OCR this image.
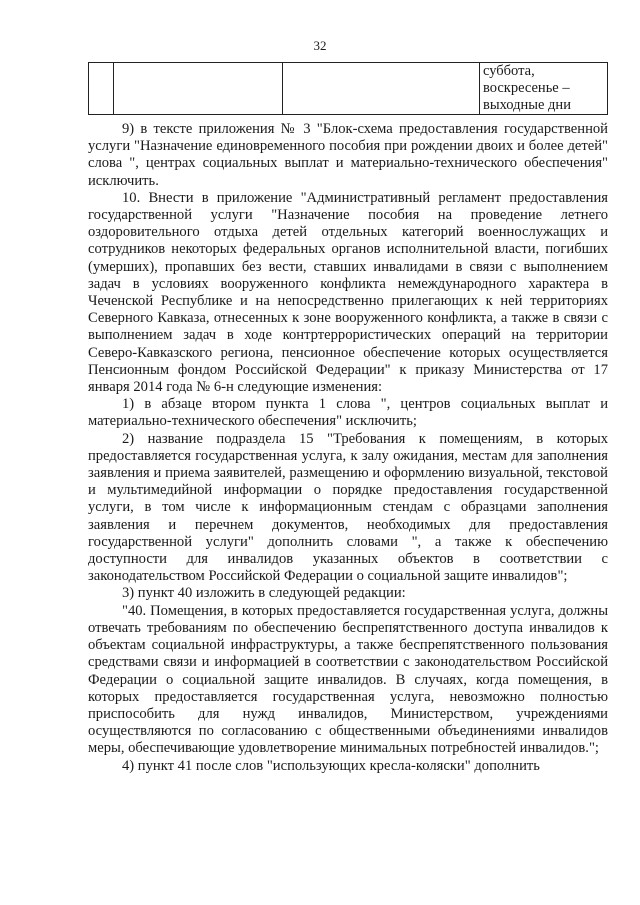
32

суббота,
воскресенье –
выходные дни

9) в тексте приложения № 3 "Блок-схема предоставления государственной услуги "Назначение единовременного пособия при рождении двоих и более детей" слова ", центрах социальных выплат и материально-технического обеспечения" исключить.

10. Внести в приложение "Административный регламент предоставления государственной услуги "Назначение пособия на проведение летнего оздоровительного отдыха детей отдельных категорий военнослужащих и сотрудников некоторых федеральных органов исполнительной власти, погибших (умерших), пропавших без вести, ставших инвалидами в связи с выполнением задач в условиях вооруженного конфликта немеждународного характера в Чеченской Республике и на непосредственно прилегающих к ней территориях Северного Кавказа, отнесенных к зоне вооруженного конфликта, а также в связи с выполнением задач в ходе контртеррористических операций на территории Северо-Кавказского региона, пенсионное обеспечение которых осуществляется Пенсионным фондом Российской Федерации" к приказу Министерства от 17 января 2014 года № 6-н следующие изменения:

1) в абзаце втором пункта 1 слова ", центров социальных выплат и материально-технического обеспечения" исключить;

2) название подраздела 15 "Требования к помещениям, в которых предоставляется государственная услуга, к залу ожидания, местам для заполнения заявления и приема заявителей, размещению и оформлению визуальной, текстовой и мультимедийной информации о порядке предоставления государственной услуги, в том числе к информационным стендам с образцами заполнения заявления и перечнем документов, необходимых для предоставления государственной услуги" дополнить словами ", а также к обеспечению доступности для инвалидов указанных объектов в соответствии с законодательством Российской Федерации о социальной защите инвалидов";

3) пункт 40 изложить в следующей редакции:

"40. Помещения, в которых предоставляется государственная услуга, должны отвечать требованиям по обеспечению беспрепятственного доступа инвалидов к объектам социальной инфраструктуры, а также беспрепятственного пользования средствами связи и информацией в соответствии с законодательством Российской Федерации о социальной защите инвалидов. В случаях, когда помещения, в которых предоставляется государственная услуга, невозможно полностью приспособить для нужд инвалидов, Министерством, учреждениями осуществляются по согласованию с общественными объединениями инвалидов меры, обеспечивающие удовлетворение минимальных потребностей инвалидов.";

4) пункт 41 после слов "использующих кресла-коляски" дополнить
